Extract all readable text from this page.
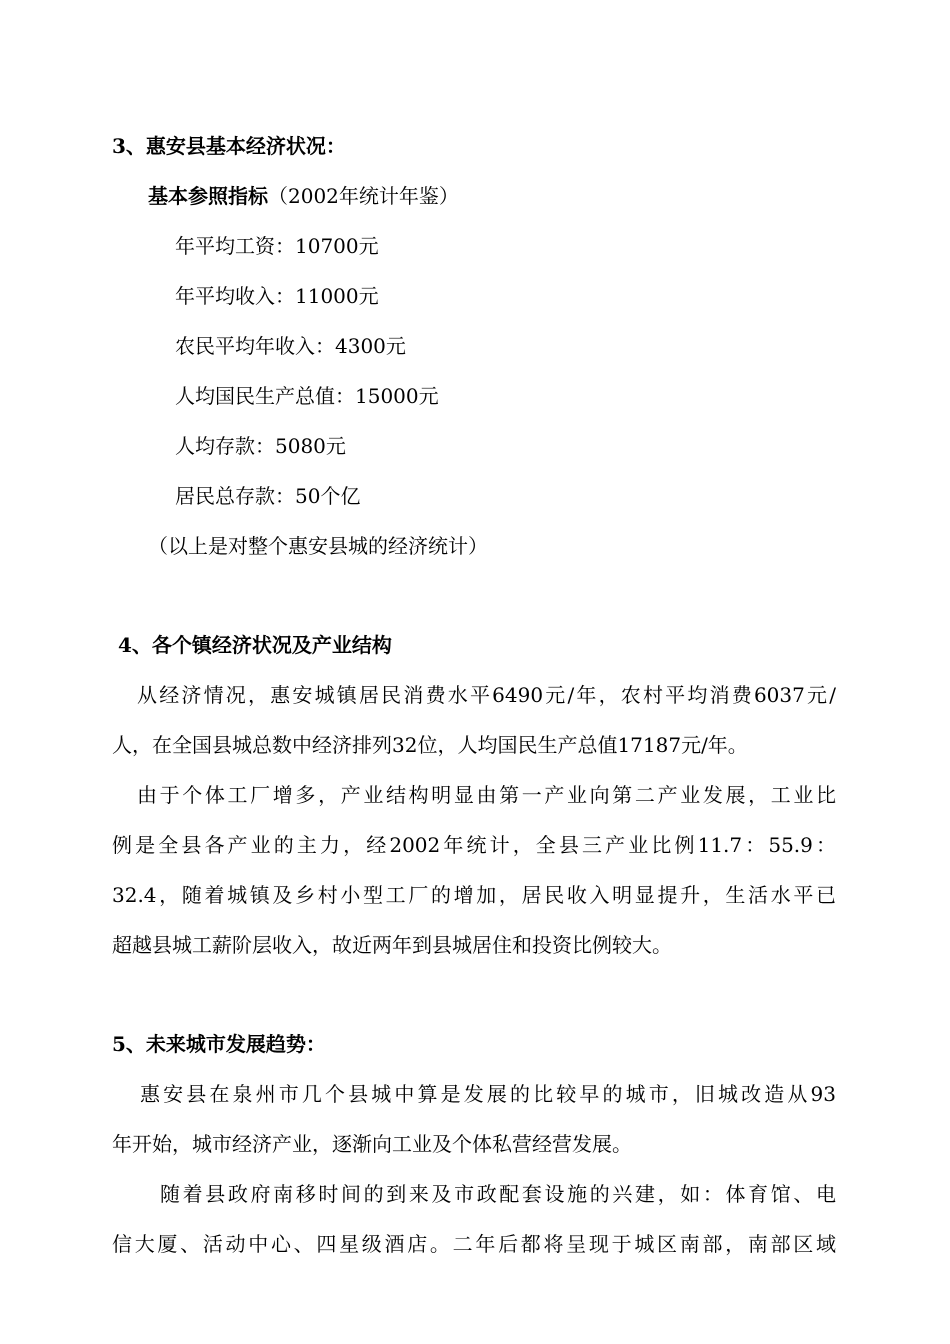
3、惠安县基本经济状况：
基本参照指标（2002年统计年鉴）
年平均工资：10700元
年平均收入：11000元
农民平均年收入：4300元
人均国民生产总值：15000元
人均存款：5080元
居民总存款：50个亿
（以上是对整个惠安县城的经济统计）
4、各个镇经济状况及产业结构
从经济情况，惠安城镇居民消费水平6490元/年，农村平均消费6037元/
人，在全国县城总数中经济排列32位，人均国民生产总值17187元/年。
由于个体工厂增多，产业结构明显由第一产业向第二产业发展，工业比
例是全县各产业的主力，经2002年统计，全县三产业比例11.7：55.9：
32.4，随着城镇及乡村小型工厂的增加，居民收入明显提升，生活水平已
超越县城工薪阶层收入，故近两年到县城居住和投资比例较大。
5、未来城市发展趋势：
惠安县在泉州市几个县城中算是发展的比较早的城市，旧城改造从93
年开始，城市经济产业，逐渐向工业及个体私营经营发展。
随着县政府南移时间的到来及市政配套设施的兴建，如：体育馆、电
信大厦、活动中心、四星级酒店。二年后都将呈现于城区南部，南部区域
